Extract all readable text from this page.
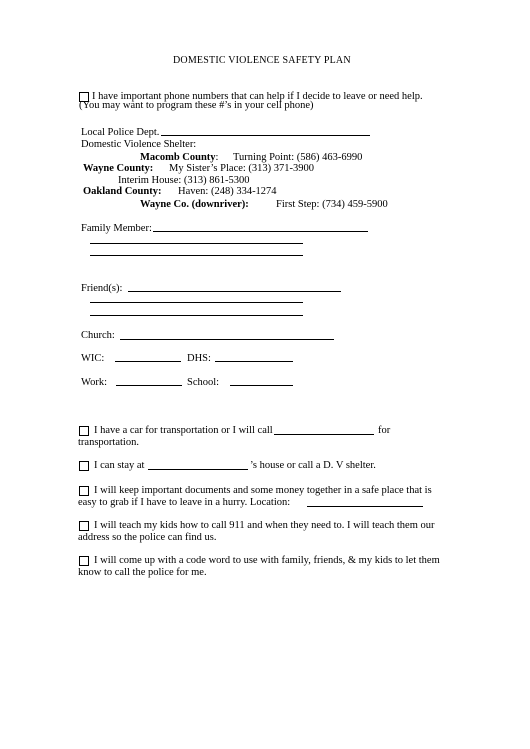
DOMESTIC VIOLENCE SAFETY PLAN
I have important phone numbers that can help if I decide to leave or need help.
(You may want to program these #’s in your cell phone)
Local Police Dept.
Domestic Violence Shelter:
Macomb County: Turning Point: (586) 463-6990
Wayne County: My Sister’s Place: (313) 371-3900
Interim House: (313) 861-5300
Oakland County: Haven: (248) 334-1274
Wayne Co. (downriver):	First Step: (734) 459-5900
Family Member:
Friend(s):
Church:
WIC:	DHS:
Work:	School:
I have a car for transportation or I will call	for
transportation.
I can stay at	’s house or call a D. V shelter.
I will keep important documents and some money together in a safe place that is
easy to grab if I have to leave in a hurry. Location:
I will teach my kids how to call 911 and when they need to. I will teach them our
address so the police can find us.
I will come up with a code word to use with family, friends, & my kids to let them
know to call the police for me.
